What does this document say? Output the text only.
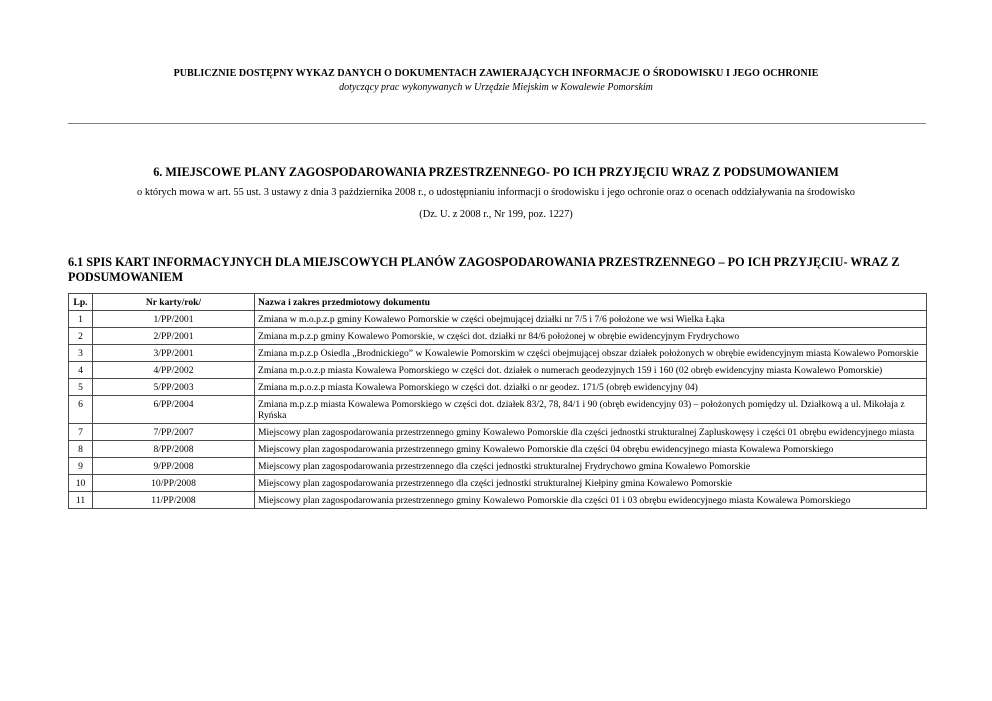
PUBLICZNIE DOSTĘPNY WYKAZ DANYCH O DOKUMENTACH ZAWIERAJĄCYCH INFORMACJE O ŚRODOWISKU I JEGO OCHRONIE
dotyczący prac wykonywanych w Urzędzie Miejskim w Kowalewie Pomorskim
6. MIEJSCOWE PLANY ZAGOSPODAROWANIA PRZESTRZENNEGO- PO ICH PRZYJĘCIU WRAZ Z PODSUMOWANIEM
o których mowa w art. 55 ust. 3 ustawy z dnia 3 października 2008 r., o udostępnianiu informacji o środowisku i jego ochronie oraz o ocenach oddziaływania na środowisko
(Dz. U. z 2008 r., Nr 199, poz. 1227)
6.1 SPIS KART INFORMACYJNYCH DLA MIEJSCOWYCH PLANÓW ZAGOSPODAROWANIA PRZESTRZENNEGO – PO ICH PRZYJĘCIU- WRAZ Z PODSUMOWANIEM
Lp.	Nr karty/rok/	Nazwa i zakres przedmiotowy dokumentu
1	1/PP/2001	Zmiana w m.o.p.z.p gminy Kowalewo Pomorskie w części obejmującej działki nr 7/5 i 7/6 położone we wsi Wielka Łąka
2	2/PP/2001	Zmiana m.p.z.p gminy Kowalewo Pomorskie, w części dot. działki nr 84/6 położonej w obrębie ewidencyjnym Frydrychowo
3	3/PP/2001	Zmiana m.p.z.p Osiedla „Brodnickiego” w Kowalewie Pomorskim w części obejmującej obszar działek położonych w obrębie ewidencyjnym miasta Kowalewo Pomorskie
4	4/PP/2002	Zmiana m.p.o.z.p miasta Kowalewa Pomorskiego w części dot. działek o numerach geodezyjnych 159 i 160 (02 obręb ewidencyjny miasta Kowalewo Pomorskie)
5	5/PP/2003	Zmiana m.p.o.z.p miasta Kowalewa Pomorskiego w części dot. działki o nr geodez. 171/5 (obręb ewidencyjny 04)
6	6/PP/2004	Zmiana m.p.z.p miasta Kowalewa Pomorskiego w części dot. działek 83/2, 78, 84/1 i 90 (obręb ewidencyjny 03) – położonych pomiędzy ul. Działkową a ul. Mikołaja z Ryńska
7	7/PP/2007	Miejscowy plan zagospodarowania przestrzennego gminy Kowalewo Pomorskie dla części jednostki strukturalnej Zapluskowęsy i części 01 obrębu ewidencyjnego miasta
8	8/PP/2008	Miejscowy plan zagospodarowania przestrzennego gminy Kowalewo Pomorskie dla części 04 obrębu ewidencyjnego miasta Kowalewa Pomorskiego
9	9/PP/2008	Miejscowy plan zagospodarowania przestrzennego dla części jednostki strukturalnej Frydrychowo gmina Kowalewo Pomorskie
10	10/PP/2008	Miejscowy plan zagospodarowania przestrzennego dla części jednostki strukturalnej Kiełpiny gmina Kowalewo Pomorskie
11	11/PP/2008	Miejscowy plan zagospodarowania przestrzennego gminy Kowalewo Pomorskie dla części 01 i 03 obrębu ewidencyjnego miasta Kowalewa Pomorskiego
